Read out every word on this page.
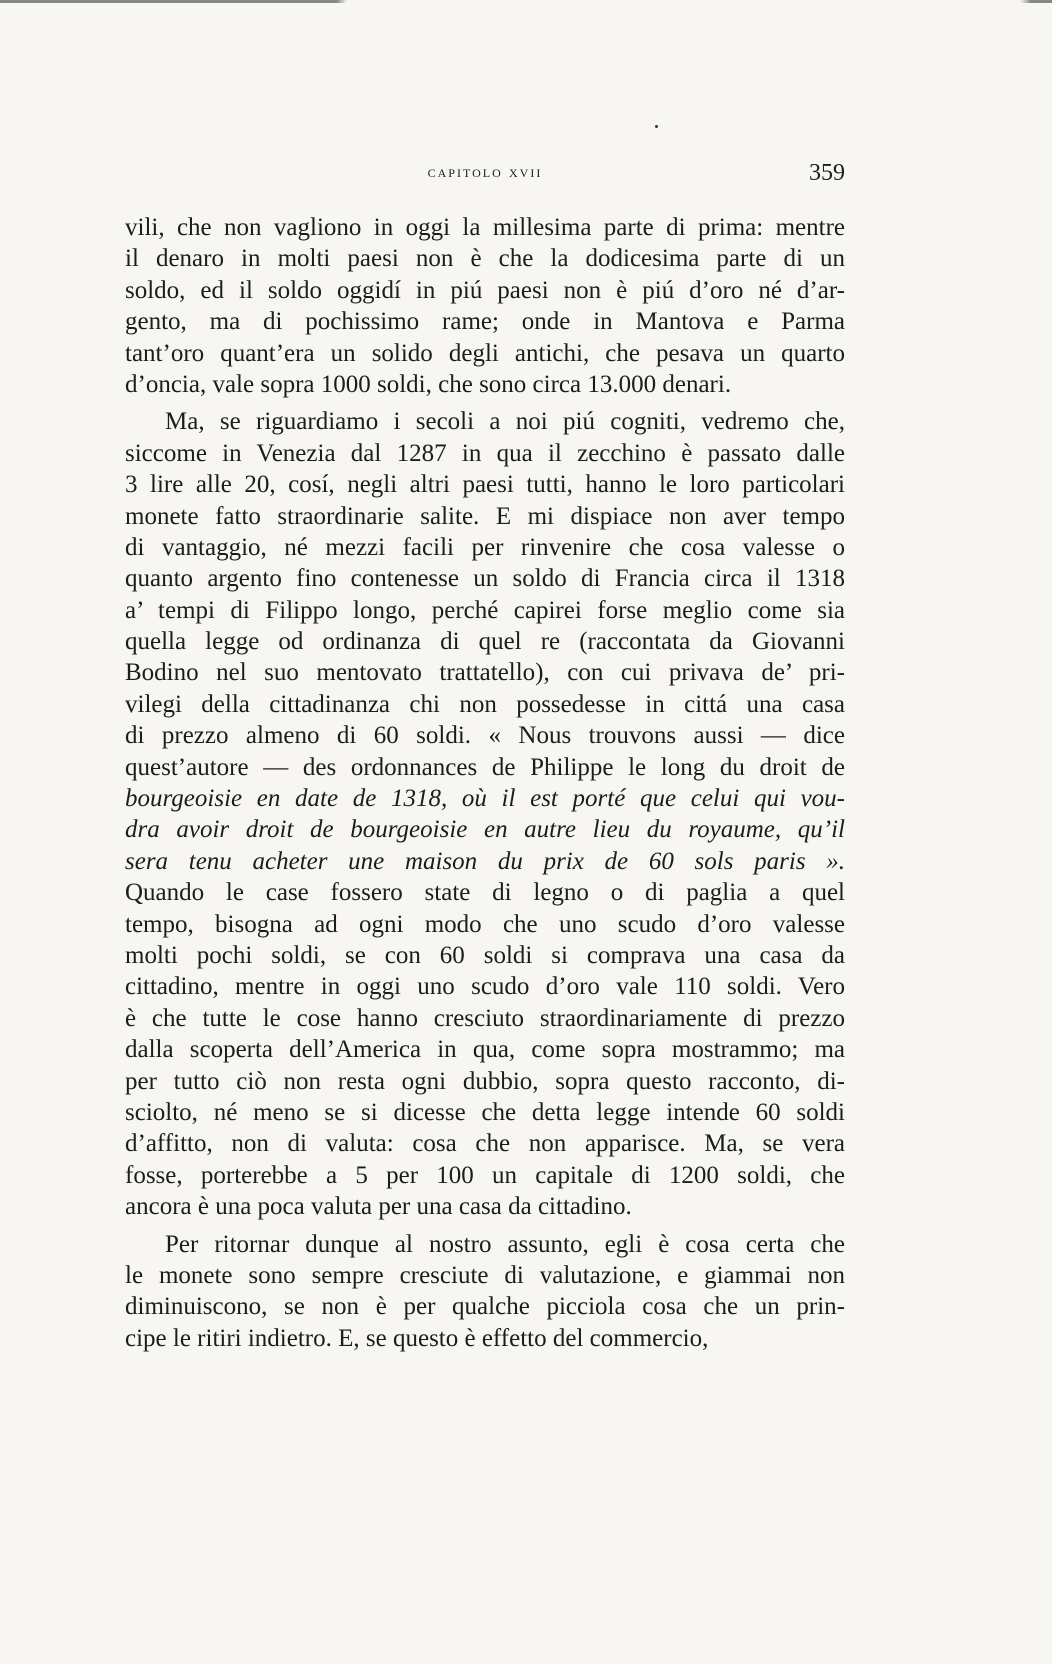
capitolo xvii	359
vili, che non vagliono in oggi la millesima parte di prima: mentre
il denaro in molti paesi non è che la dodicesima parte di un
soldo, ed il soldo oggidí in piú paesi non è piú d’oro né d’ar-
gento, ma di pochissimo rame; onde in Mantova e Parma
tant’oro quant’era un solido degli antichi, che pesava un quarto
d’oncia, vale sopra 1000 soldi, che sono circa 13.000 denari.
Ma, se riguardiamo i secoli a noi piú cogniti, vedremo che,
siccome in Venezia dal 1287 in qua il zecchino è passato dalle
3 lire alle 20, cosí, negli altri paesi tutti, hanno le loro particolari
monete fatto straordinarie salite. E mi dispiace non aver tempo
di vantaggio, né mezzi facili per rinvenire che cosa valesse o
quanto argento fino contenesse un soldo di Francia circa il 1318
a’ tempi di Filippo longo, perché capirei forse meglio come sia
quella legge od ordinanza di quel re (raccontata da Giovanni
Bodino nel suo mentovato trattatello), con cui privava de’ pri-
vilegi della cittadinanza chi non possedesse in cittá una casa
di prezzo almeno di 60 soldi. « Nous trouvons aussi — dice
quest’autore — des ordonnances de Philippe le long du droit de
bourgeoisie en date de 1318, où il est porté que celui qui vou-
dra avoir droit de bourgeoisie en autre lieu du royaume, qu’il
sera tenu acheter une maison du prix de 60 sols paris ».
Quando le case fossero state di legno o di paglia a quel
tempo, bisogna ad ogni modo che uno scudo d’oro valesse
molti pochi soldi, se con 60 soldi si comprava una casa da
cittadino, mentre in oggi uno scudo d’oro vale 110 soldi. Vero
è che tutte le cose hanno cresciuto straordinariamente di prezzo
dalla scoperta dell’America in qua, come sopra mostrammo; ma
per tutto ciò non resta ogni dubbio, sopra questo racconto, di-
sciolto, né meno se si dicesse che detta legge intende 60 soldi
d’affitto, non di valuta: cosa che non apparisce. Ma, se vera
fosse, porterebbe a 5 per 100 un capitale di 1200 soldi, che
ancora è una poca valuta per una casa da cittadino.
Per ritornar dunque al nostro assunto, egli è cosa certa che
le monete sono sempre cresciute di valutazione, e giammai non
diminuiscono, se non è per qualche picciola cosa che un prin-
cipe le ritiri indietro. E, se questo è effetto del commercio,
